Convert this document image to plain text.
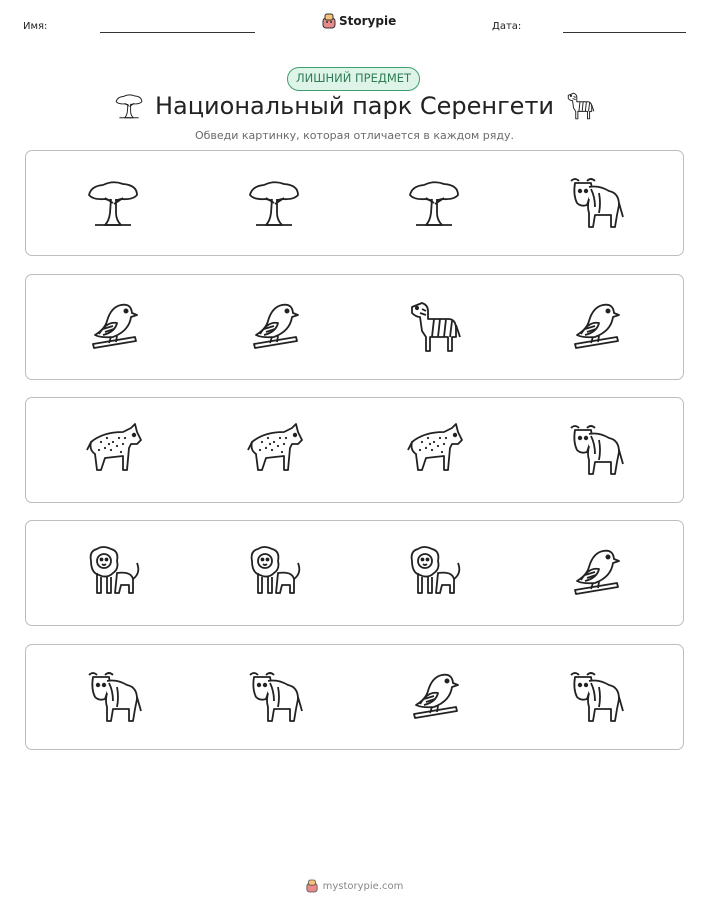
Имя:	Storypie	Дата:
ЛИШНИЙ ПРЕДМЕТ
Национальный парк Серенгети
Обведи картинку, которая отличается в каждом ряду.
mystorypie.com
